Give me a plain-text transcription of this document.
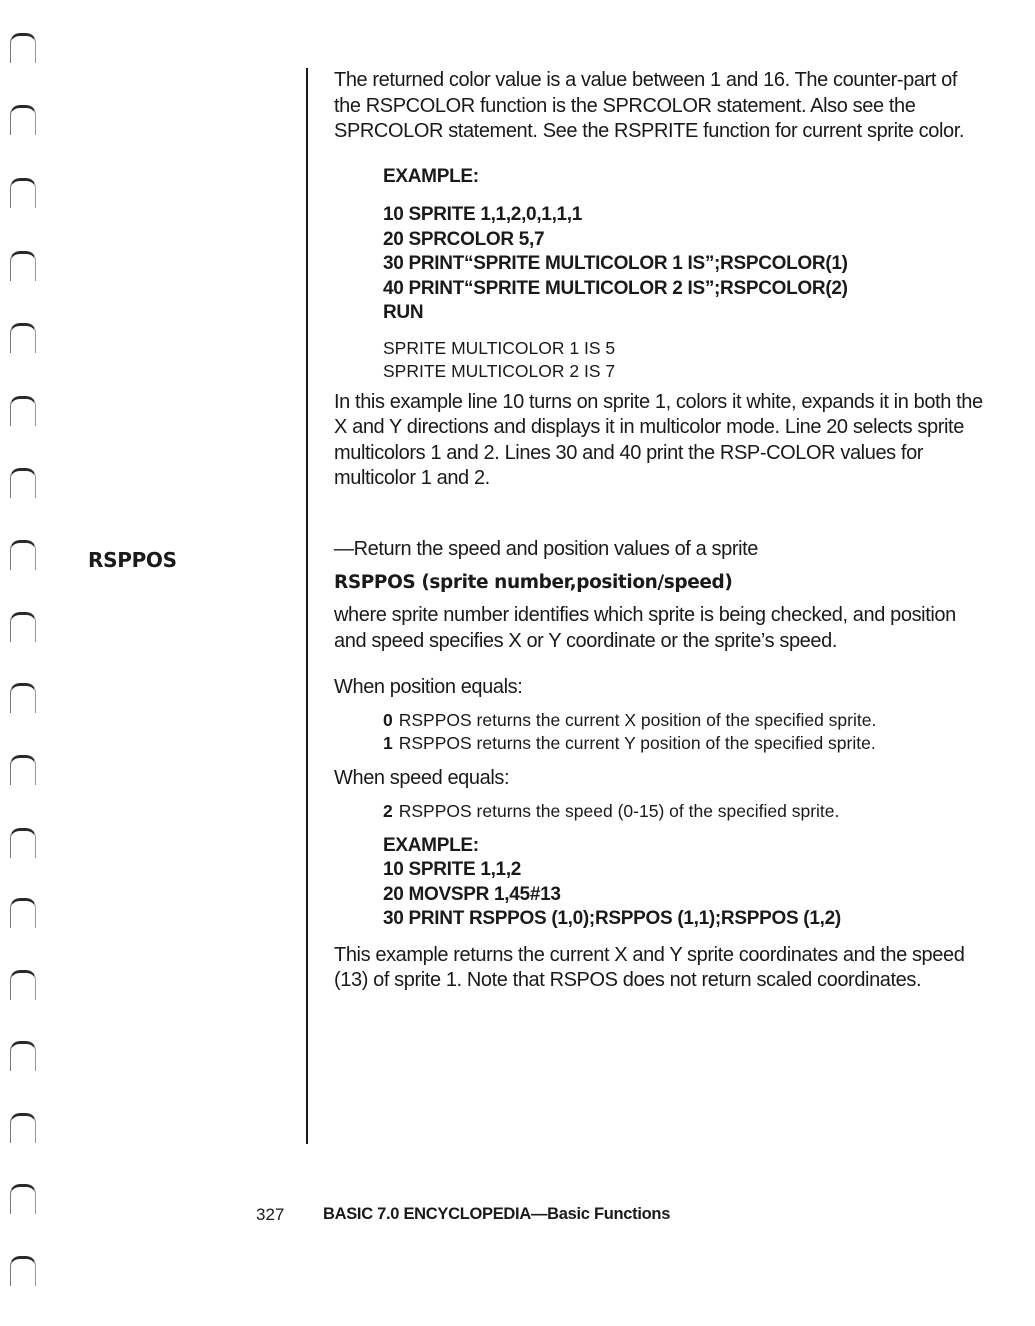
RSPPOS

The returned color value is a value between 1 and 16. The counter-part of the RSPCOLOR function is the SPRCOLOR statement. Also see the SPRCOLOR statement. See the RSPRITE function for current sprite color.

EXAMPLE:

10 SPRITE 1,1,2,0,1,1,1

20 SPRCOLOR 5,7

30 PRINT“SPRITE MULTICOLOR 1 IS”;RSPCOLOR(1)

40 PRINT“SPRITE MULTICOLOR 2 IS”;RSPCOLOR(2)

RUN

SPRITE MULTICOLOR 1 IS 5

SPRITE MULTICOLOR 2 IS 7

In this example line 10 turns on sprite 1, colors it white, expands it in both the X and Y directions and displays it in multicolor mode. Line 20 selects sprite multicolors 1 and 2. Lines 30 and 40 print the RSP-COLOR values for multicolor 1 and 2.

—Return the speed and position values of a sprite

RSPPOS (sprite number,position/speed)

where sprite number identifies which sprite is being checked, and position and speed specifies X or Y coordinate or the sprite’s speed.

When position equals:

0 RSPPOS returns the current X position of the specified sprite.

1 RSPPOS returns the current Y position of the specified sprite.

When speed equals:

2 RSPPOS returns the speed (0-15) of the specified sprite.

EXAMPLE:

10 SPRITE 1,1,2

20 MOVSPR 1,45#13

30 PRINT RSPPOS (1,0);RSPPOS (1,1);RSPPOS (1,2)

This example returns the current X and Y sprite coordinates and the speed (13) of sprite 1. Note that RSPOS does not return scaled coordinates.

327 BASIC 7.0 ENCYCLOPEDIA—Basic Functions
